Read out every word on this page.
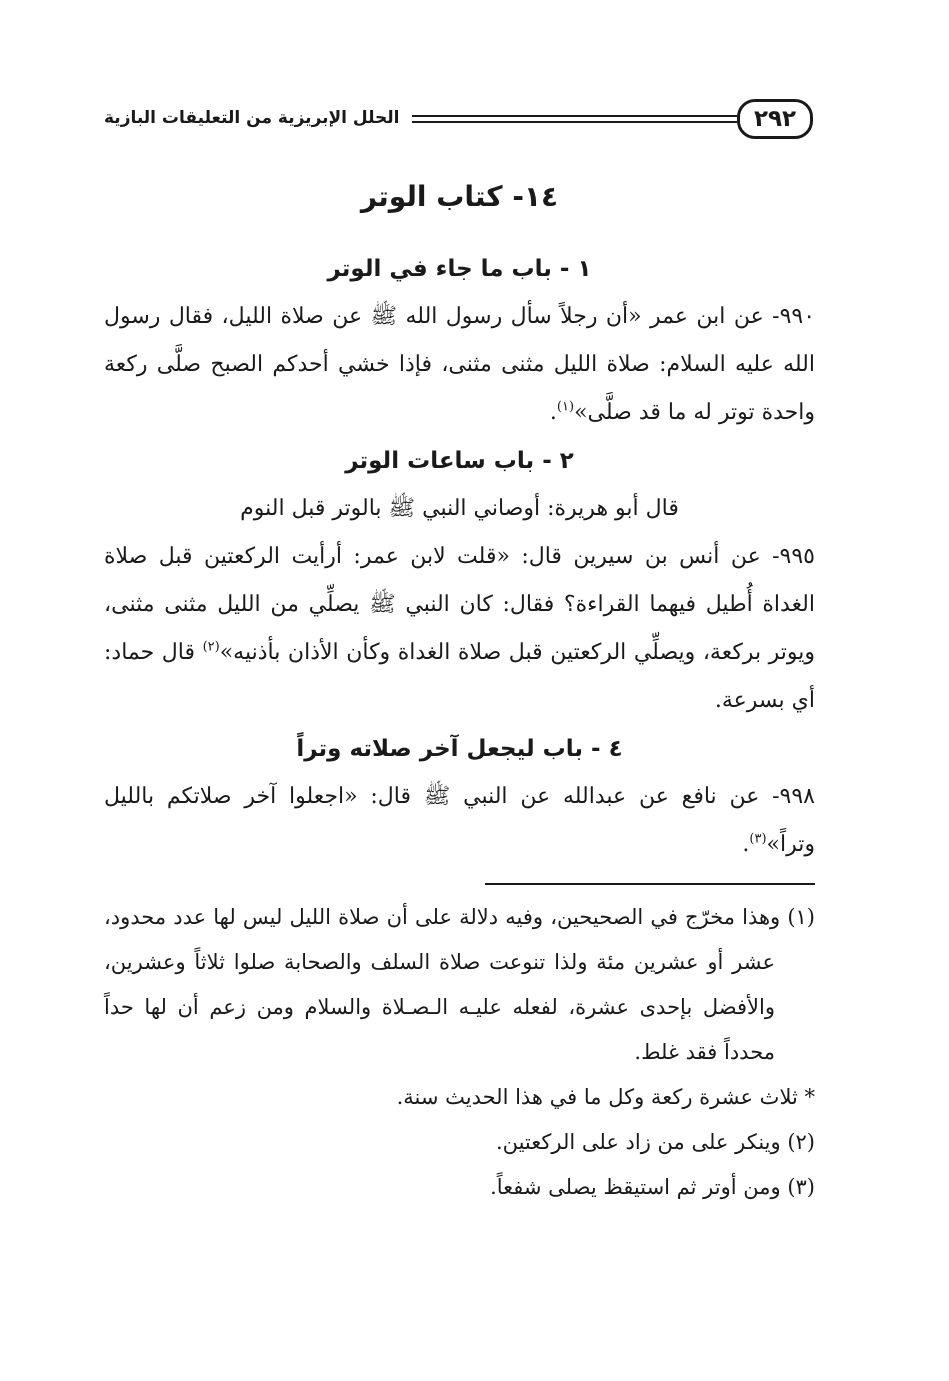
٢٩٢
الحلل الإبريزية من التعليقات البازية
١٤- كتاب الوتر
١ - باب ما جاء في الوتر

٩٩٠- عن ابن عمر «أن رجلاً سأل رسول الله ﷺ عن صلاة الليل، فقال رسول الله عليه السلام: صلاة الليل مثنى مثنى، فإذا خشي أحدكم الصبح صلَّى ركعة واحدة توتر له ما قد صلَّى»$^{(١)}$.

٢ - باب ساعات الوتر

قال أبو هريرة: أوصاني النبي ﷺ بالوتر قبل النوم

٩٩٥- عن أنس بن سيرين قال: «قلت لابن عمر: أرأيت الركعتين قبل صلاة الغداة أُطيل فيهما القراءة؟ فقال: كان النبي ﷺ يصلِّي من الليل مثنى مثنى، ويوتر بركعة، ويصلِّي الركعتين قبل صلاة الغداة وكأن الأذان بأذنيه»$^{(٢)}$ قال حماد: أي بسرعة.

٤ - باب ليجعل آخر صلاته وتراً

٩٩٨- عن نافع عن عبدالله عن النبي ﷺ قال: «اجعلوا آخر صلاتكم بالليل وتراً»$^{(٣)}$.

(١) وهذا مخرّج في الصحيحين، وفيه دلالة على أن صلاة الليل ليس لها عدد محدود، عشر أو عشرين مئة ولذا تنوعت صلاة السلف والصحابة صلوا ثلاثاً وعشرين، والأفضل بإحدى عشرة، لفعله عليـه الـصـلاة والسلام ومن زعم أن لها حداً محدداً فقد غلط.

* ثلاث عشرة ركعة وكل ما في هذا الحديث سنة.

(٢) وينكر على من زاد على الركعتين.

(٣) ومن أوتر ثم استيقظ يصلى شفعاً.
